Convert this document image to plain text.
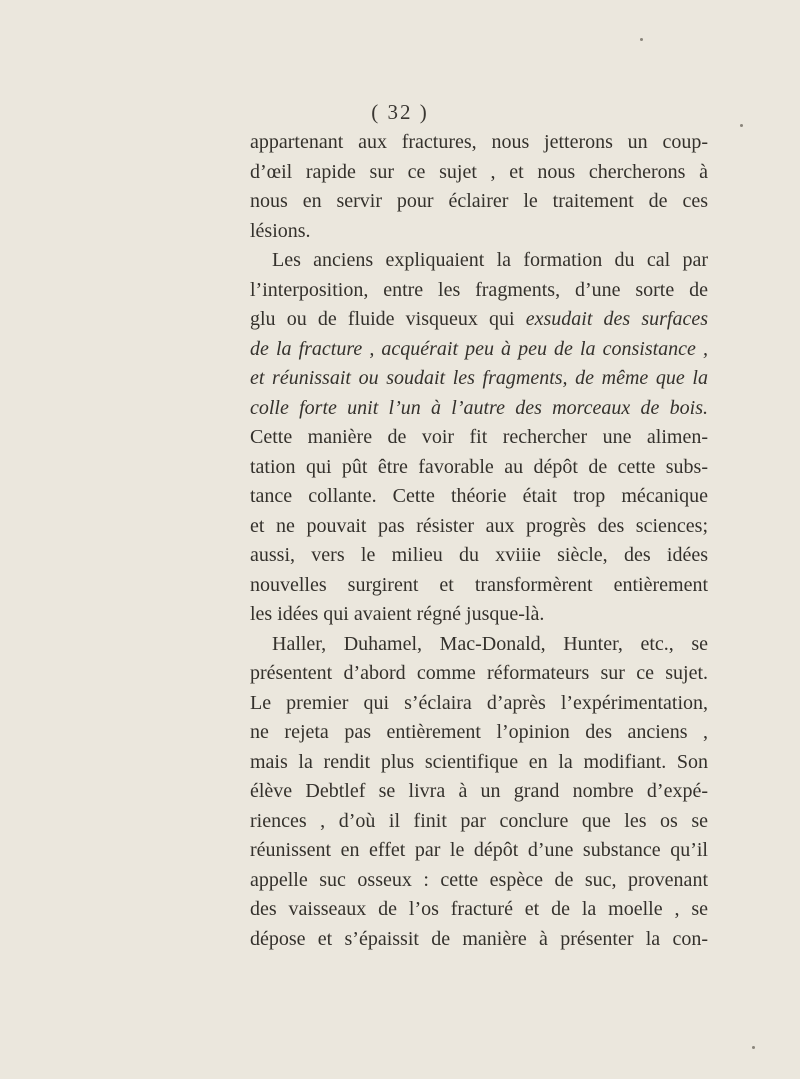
( 32 )
appartenant aux fractures, nous jetterons un coup-
d’œil rapide sur ce sujet , et nous chercherons à
nous en servir pour éclairer le traitement de ces
lésions.
Les anciens expliquaient la formation du cal par
l’interposition, entre les fragments, d’une sorte de
glu ou de fluide visqueux qui exsudait des surfaces
de la fracture , acquérait peu à peu de la consistance ,
et réunissait ou soudait les fragments, de même que la
colle forte unit l’un à l’autre des morceaux de bois.
Cette manière de voir fit rechercher une alimen-
tation qui pût être favorable au dépôt de cette subs-
tance collante. Cette théorie était trop mécanique
et ne pouvait pas résister aux progrès des sciences;
aussi, vers le milieu du xviiie siècle, des idées
nouvelles surgirent et transformèrent entièrement
les idées qui avaient régné jusque-là.
Haller, Duhamel, Mac-Donald, Hunter, etc., se
présentent d’abord comme réformateurs sur ce sujet.
Le premier qui s’éclaira d’après l’expérimentation,
ne rejeta pas entièrement l’opinion des anciens ,
mais la rendit plus scientifique en la modifiant. Son
élève Debtlef se livra à un grand nombre d’expé-
riences , d’où il finit par conclure que les os se
réunissent en effet par le dépôt d’une substance qu’il
appelle suc osseux : cette espèce de suc, provenant
des vaisseaux de l’os fracturé et de la moelle , se
dépose et s’épaissit de manière à présenter la con-
